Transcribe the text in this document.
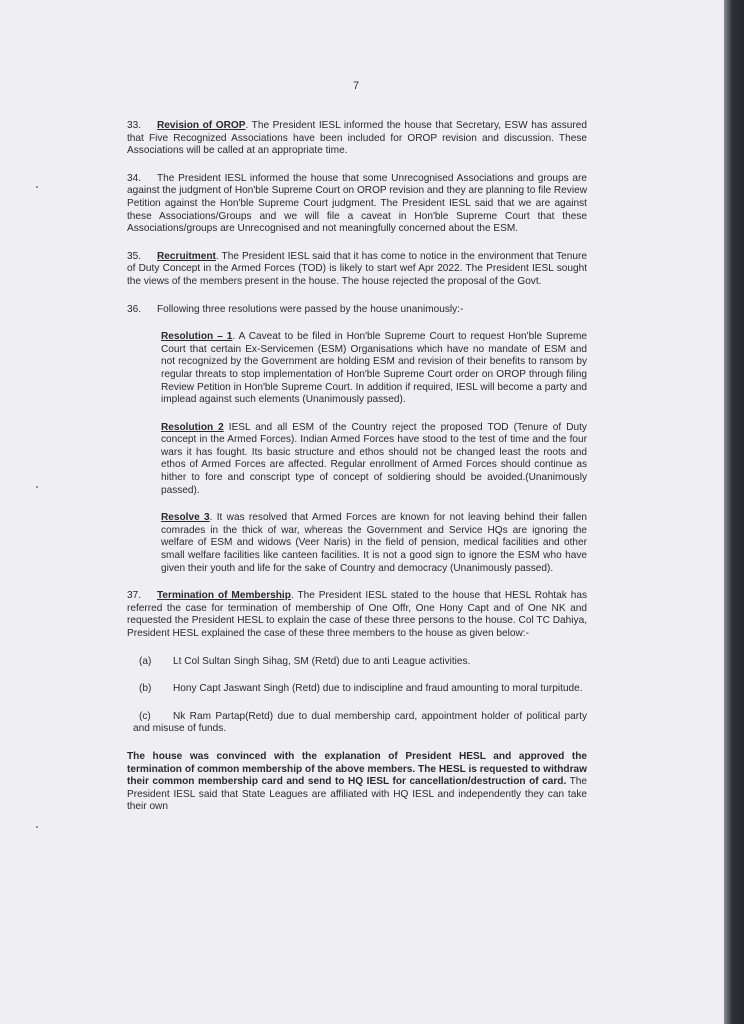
7

33. Revision of OROP. The President IESL informed the house that Secretary, ESW has assured that Five Recognized Associations have been included for OROP revision and discussion. These Associations will be called at an appropriate time.

34. The President IESL informed the house that some Unrecognised Associations and groups are against the judgment of Hon'ble Supreme Court on OROP revision and they are planning to file Review Petition against the Hon'ble Supreme Court judgment. The President IESL said that we are against these Associations/Groups and we will file a caveat in Hon'ble Supreme Court that these Associations/groups are Unrecognised and not meaningfully concerned about the ESM.

35. Recruitment. The President IESL said that it has come to notice in the environment that Tenure of Duty Concept in the Armed Forces (TOD) is likely to start wef Apr 2022. The President IESL sought the views of the members present in the house. The house rejected the proposal of the Govt.

36. Following three resolutions were passed by the house unanimously:-

Resolution – 1. A Caveat to be filed in Hon'ble Supreme Court to request Hon'ble Supreme Court that certain Ex-Servicemen (ESM) Organisations which have no mandate of ESM and not recognized by the Government are holding ESM and revision of their benefits to ransom by regular threats to stop implementation of Hon'ble Supreme Court order on OROP through filing Review Petition in Hon'ble Supreme Court. In addition if required, IESL will become a party and implead against such elements (Unanimously passed).

Resolution 2 IESL and all ESM of the Country reject the proposed TOD (Tenure of Duty concept in the Armed Forces). Indian Armed Forces have stood to the test of time and the four wars it has fought. Its basic structure and ethos should not be changed least the roots and ethos of Armed Forces are affected. Regular enrollment of Armed Forces should continue as hither to fore and conscript type of concept of soldiering should be avoided.(Unanimously passed).

Resolve 3. It was resolved that Armed Forces are known for not leaving behind their fallen comrades in the thick of war, whereas the Government and Service HQs are ignoring the welfare of ESM and widows (Veer Naris) in the field of pension, medical facilities and other small welfare facilities like canteen facilities. It is not a good sign to ignore the ESM who have given their youth and life for the sake of Country and democracy (Unanimously passed).

37. Termination of Membership. The President IESL stated to the house that HESL Rohtak has referred the case for termination of membership of One Offr, One Hony Capt and of One NK and requested the President HESL to explain the case of these three persons to the house. Col TC Dahiya, President HESL explained the case of these three members to the house as given below:-

(a) Lt Col Sultan Singh Sihag, SM (Retd) due to anti League activities.

(b) Hony Capt Jaswant Singh (Retd) due to indiscipline and fraud amounting to moral turpitude.

(c) Nk Ram Partap(Retd) due to dual membership card, appointment holder of political party and misuse of funds.

The house was convinced with the explanation of President HESL and approved the termination of common membership of the above members. The HESL is requested to withdraw their common membership card and send to HQ IESL for cancellation/destruction of card. The President IESL said that State Leagues are affiliated with HQ IESL and independently they can take their own
